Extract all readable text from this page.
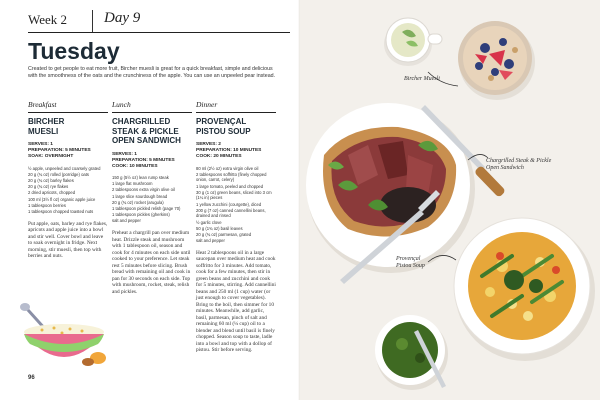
Week 2 Day 9
Tuesday
Created to get people to eat more fruit, Bircher muesli is great for a quick breakfast, simple and delicious with the smoothness of the oats and the crunchiness of the apple. You can use an unpeeled pear instead.
Breakfast
BIRCHER MUESLI
SERVES: 1
PREPARATION: 5 MINUTES
SOAK: OVERNIGHT
½ apple, unpeeled and coarsely grated
20 g (¾ oz) rolled (porridge) oats
20 g (¾ oz) barley flakes
20 g (¾ oz) rye flakes
2 dried apricots, chopped
100 ml (3½ fl oz) organic apple juice
1 tablespoon berries
1 tablespoon chopped toasted nuts
Put apple, oats, barley and rye flakes, apricots and apple juice into a bowl and stir well. Cover bowl and leave to soak overnight in fridge. Next morning, stir muesli, then top with berries and nuts.
Lunch
CHARGRILLED STEAK & PICKLE OPEN SANDWICH
SERVES: 1
PREPARATION: 5 MINUTES
COOK: 10 MINUTES
150 g (5½ oz) lean rump steak
1 large flat mushroom
2 tablespoons extra virgin olive oil
1 large slice sourdough bread
20 g (¾ oz) rocket (arugula)
1 tablespoon pickled relish (page 70)
1 tablespoon pickles (gherkins)
salt and pepper
Preheat a chargrill pan over medium heat. Drizzle steak and mushroom with 1 tablespoon oil, season and cook for 4 minutes on each side until cooked to your preference. Let steak rest 5 minutes before slicing. Brush bread with remaining oil and cook in pan for 30 seconds on each side. Top with mushroom, rocket, steak, relish and pickles.
Dinner
PROVENÇAL PISTOU SOUP
SERVES: 2
PREPARATION: 10 MINUTES
COOK: 20 MINUTES
80 ml (2½ oz) extra virgin olive oil
2 tablespoons soffritto (finely chopped onion, carrot, celery)
1 large tomato, peeled and chopped
30 g (1 oz) green beans, sliced into 3 cm (1¼ in) pieces
1 yellow zucchini (courgette), diced
200 g (7 oz) canned cannellini beans, drained and rinsed
½ garlic clove
50 g (1¾ oz) basil leaves
20 g (¾ oz) parmesan, grated
salt and pepper
Heat 2 tablespoons oil in a large saucepan over medium heat and cook soffritto for 3 minutes. Add tomato, cook for a few minutes, then stir in green beans and zucchini and cook for 5 minutes, stirring. Add cannellini beans and 250 ml (1 cup) water (or just enough to cover vegetables). Bring to the boil, then simmer for 10 minutes. Meanwhile, add garlic, basil, parmesan, pinch of salt and remaining 60 ml (¼ cup) oil to a blender and blend until basil is finely chopped. Season soup to taste, ladle into a bowl and top with a dollop of pistou. Stir before serving.
96
Bircher Muesli
Chargrilled Steak & Pickle Open Sandwich
Provençal Pistou Soup
